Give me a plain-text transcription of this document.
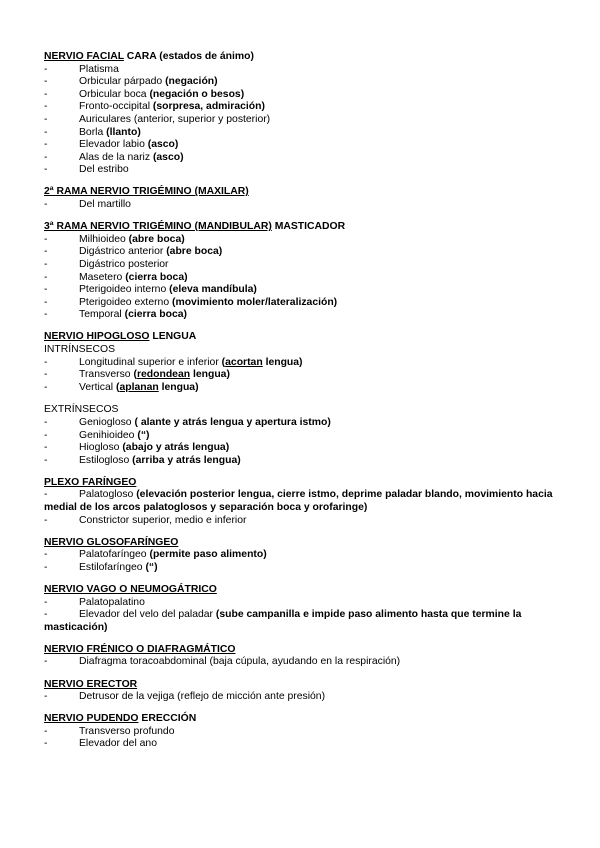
NERVIO FACIAL CARA (estados de ánimo)
-	Platisma
-	Orbicular párpado (negación)
-	Orbicular boca (negación o besos)
-	Fronto-occipital (sorpresa, admiración)
-	Auriculares (anterior, superior y posterior)
-	Borla (llanto)
-	Elevador labio (asco)
-	Alas de la nariz (asco)
-	Del estribo
2ª RAMA NERVIO TRIGÉMINO (MAXILAR)
-	Del martillo
3ª RAMA NERVIO TRIGÉMINO (MANDIBULAR) MASTICADOR
-	Milhioideo (abre boca)
-	Digástrico anterior (abre boca)
-	Digástrico posterior
-	Masetero (cierra boca)
-	Pterigoideo interno (eleva mandíbula)
-	Pterigoideo externo (movimiento moler/lateralización)
-	Temporal (cierra boca)
NERVIO HIPOGLOSO LENGUA
INTRÍNSECOS
-	Longitudinal superior e inferior (acortan lengua)
-	Transverso (redondean lengua)
-	Vertical (aplanan lengua)
EXTRÍNSECOS
-	Geniogloso ( alante y atrás lengua y apertura istmo)
-	Genihioideo (“)
-	Hiogloso (abajo y atrás lengua)
-	Estilogloso (arriba y atrás lengua)
PLEXO FARÍNGEO
-	Palatogloso (elevación posterior lengua, cierre istmo, deprime paladar blando, movimiento hacia medial de los arcos palatoglosos y separación boca y orofaringe)
-	Constrictor superior, medio e inferior
NERVIO GLOSOFARÍNGEO
-	Palatofaríngeo (permite paso alimento)
-	Estilofaríngeo (“)
NERVIO VAGO O NEUMOGÁTRICO
-	Palatopalatino
-	Elevador del velo del paladar (sube campanilla e impide paso alimento hasta que termine la masticación)
NERVIO FRÉNICO O DIAFRAGMÁTICO
-	Diafragma toracoabdominal (baja cúpula, ayudando en la respiración)
NERVIO ERECTOR
-	Detrusor de la vejiga (reflejo de micción ante presión)
NERVIO PUDENDO ERECCIÓN
-	Transverso profundo
-	Elevador del ano
